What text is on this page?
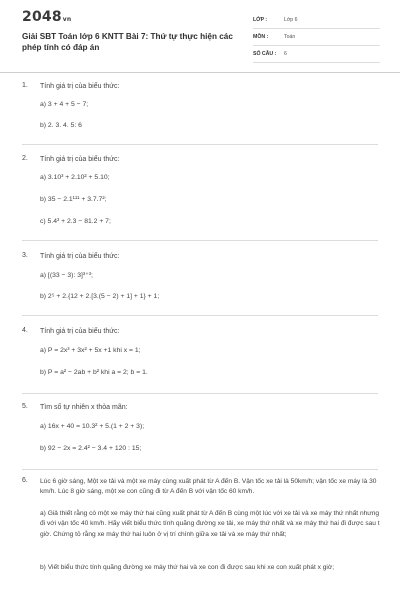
2048vn
Giải SBT Toán lớp 6 KNTT Bài 7: Thứ tự thực hiện các phép tính có đáp án
LỚP :	Lớp 6
MÔN :	Toán
SỐ CÂU : 6
1. Tính giá trị của biểu thức:
a) 3 + 4 + 5 − 7;
b) 2. 3. 4. 5: 6
2. Tính giá trị của biểu thức:
a) 3.10³ + 2.10² + 5.10;
b) 35 − 2.1¹¹¹ + 3.7.7²;
c) 5.4³ + 2.3 − 81.2 + 7;
3. Tính giá trị của biểu thức:
a) [(33 − 3): 3]³⁺³;
b) 2⁵ + 2.{12 + 2.[3.(5 − 2) + 1] + 1} + 1;
4. Tính giá trị của biểu thức:
a) P = 2x³ + 3x² + 5x +1 khi x = 1;
b) P = a² − 2ab + b² khi a = 2; b = 1.
5. Tìm số tự nhiên x thỏa mãn:
a) 16x + 40 = 10.3² + 5.(1 + 2 + 3);
b) 92 − 2x = 2.4² − 3.4 + 120 : 15;
6. Lúc 6 giờ sáng, Một xe tải và một xe máy cùng xuất phát từ A đến B. Vận tốc xe tải là 50km/h; vận tốc xe máy là 30 km/h. Lúc 8 giờ sáng, một xe con cũng đi từ A đến B với vận tốc 60 km/h.
a) Giả thiết rằng có một xe máy thứ hai cũng xuất phát từ A đến B cùng một lúc với xe tải và xe máy thứ nhất nhưng đi với vận tốc 40 km/h. Hãy viết biểu thức tính quãng đường xe tải, xe máy thứ nhất và xe máy thứ hai đi được sau t giờ. Chứng tỏ rằng xe máy thứ hai luôn ở vị trí chính giữa xe tải và xe máy thứ nhất;
b) Viết biểu thức tính quãng đường xe máy thứ hai và xe con đi được sau khi xe con xuất phát x giờ;
